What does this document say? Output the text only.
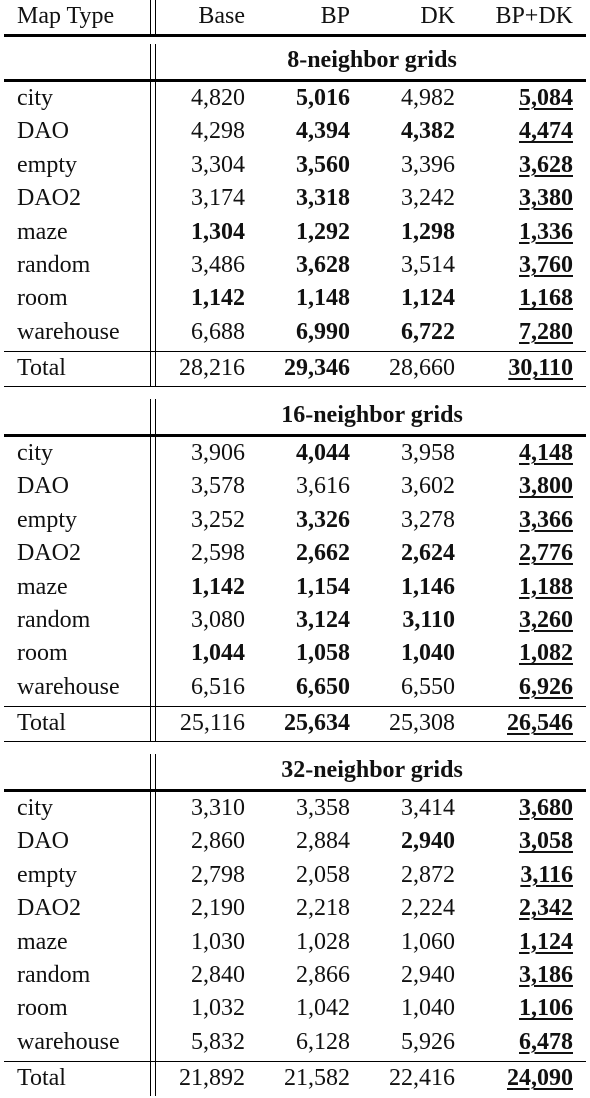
Map Type	Base	BP	DK BP+DK
8-neighbor grids
city	4,820 5,016 4,982	5,084
DAO	4,298 4,394 4,382	4,474
empty	3,304 3,560 3,396	3,628
DAO2	3,174 3,318 3,242	3,380
maze	1,304 1,292 1,298	1,336
random	3,486 3,628 3,514	3,760
room	1,142 1,148 1,124	1,168
warehouse	6,688 6,990 6,722	7,280
Total	28,216 29,346 28,660 30,110
16-neighbor grids
city	3,906 4,044 3,958	4,148
DAO	3,578 3,616 3,602	3,800
empty	3,252 3,326 3,278	3,366
DAO2	2,598 2,662 2,624	2,776
maze	1,142 1,154 1,146	1,188
random	3,080 3,124 3,110	3,260
room	1,044 1,058 1,040	1,082
warehouse	6,516 6,650 6,550	6,926
Total	25,116 25,634 25,308 26,546
32-neighbor grids
city	3,310 3,358 3,414	3,680
DAO	2,860 2,884 2,940	3,058
empty	2,798 2,058 2,872	3,116
DAO2	2,190 2,218 2,224	2,342
maze	1,030 1,028 1,060	1,124
random	2,840 2,866 2,940	3,186
room	1,032 1,042 1,040	1,106
warehouse	5,832 6,128 5,926	6,478
Total	21,892 21,582 22,416 24,090
